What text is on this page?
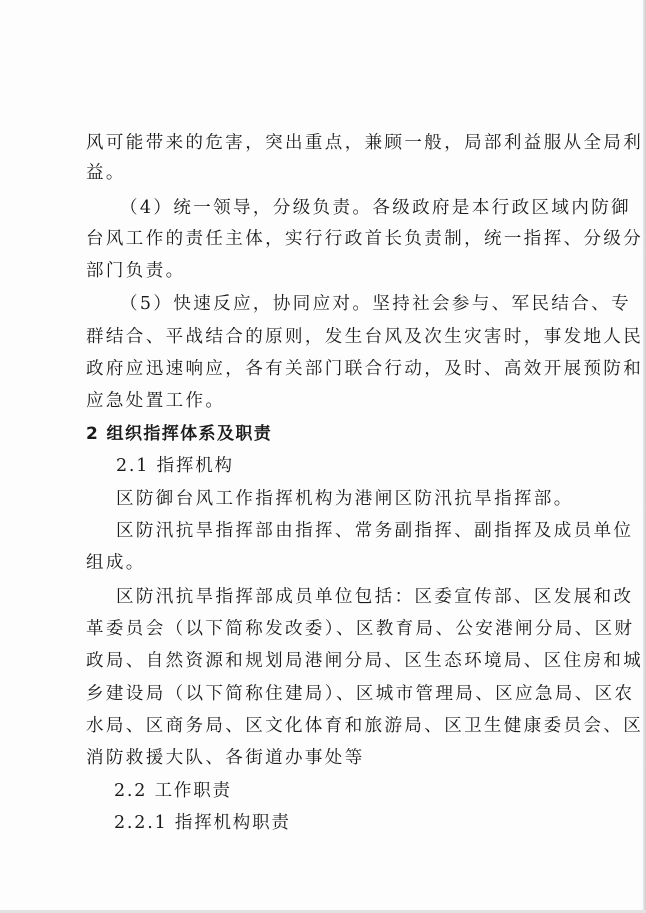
风可能带来的危害，突出重点，兼顾一般，局部利益服从全局利
益。
（4）统一领导，分级负责。各级政府是本行政区域内防御
台风工作的责任主体，实行行政首长负责制，统一指挥、分级分
部门负责。
（5）快速反应，协同应对。坚持社会参与、军民结合、专
群结合、平战结合的原则，发生台风及次生灾害时，事发地人民
政府应迅速响应，各有关部门联合行动，及时、高效开展预防和
应急处置工作。
2 组织指挥体系及职责
2.1 指挥机构
区防御台风工作指挥机构为港闸区防汛抗旱指挥部。
区防汛抗旱指挥部由指挥、常务副指挥、副指挥及成员单位
组成。
区防汛抗旱指挥部成员单位包括：区委宣传部、区发展和改
革委员会（以下简称发改委）、区教育局、公安港闸分局、区财
政局、自然资源和规划局港闸分局、区生态环境局、区住房和城
乡建设局（以下简称住建局）、区城市管理局、区应急局、区农
水局、区商务局、区文化体育和旅游局、区卫生健康委员会、区
消防救援大队、各街道办事处等
2.2 工作职责
2.2.1 指挥机构职责
